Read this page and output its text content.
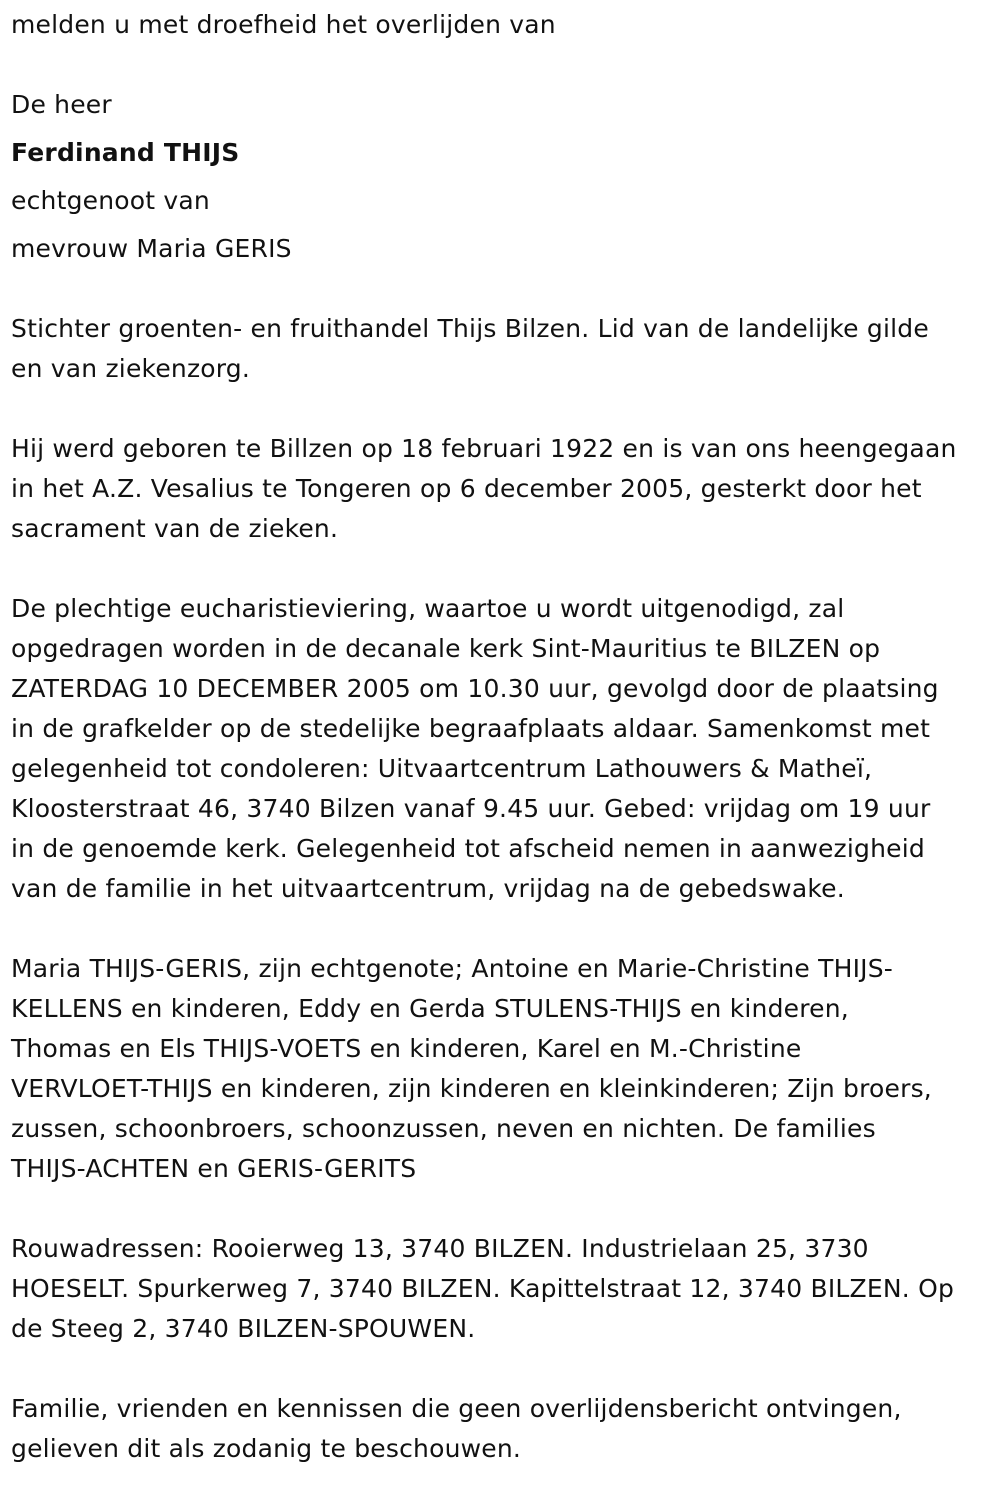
melden u met droefheid het overlijden van
De heer
Ferdinand THIJS
echtgenoot van
mevrouw Maria GERIS
Stichter groenten- en fruithandel Thijs Bilzen. Lid van de landelijke gilde
en van ziekenzorg.
Hij werd geboren te Billzen op 18 februari 1922 en is van ons heengegaan
in het A.Z. Vesalius te Tongeren op 6 december 2005, gesterkt door het
sacrament van de zieken.
De plechtige eucharistieviering, waartoe u wordt uitgenodigd, zal
opgedragen worden in de decanale kerk Sint-Mauritius te BILZEN op
ZATERDAG 10 DECEMBER 2005 om 10.30 uur, gevolgd door de plaatsing
in de grafkelder op de stedelijke begraafplaats aldaar. Samenkomst met
gelegenheid tot condoleren: Uitvaartcentrum Lathouwers & Matheï,
Kloosterstraat 46, 3740 Bilzen vanaf 9.45 uur. Gebed: vrijdag om 19 uur
in de genoemde kerk. Gelegenheid tot afscheid nemen in aanwezigheid
van de familie in het uitvaartcentrum, vrijdag na de gebedswake.
Maria THIJS-GERIS, zijn echtgenote; Antoine en Marie-Christine THIJS-
KELLENS en kinderen, Eddy en Gerda STULENS-THIJS en kinderen,
Thomas en Els THIJS-VOETS en kinderen, Karel en M.-Christine
VERVLOET-THIJS en kinderen, zijn kinderen en kleinkinderen; Zijn broers,
zussen, schoonbroers, schoonzussen, neven en nichten. De families
THIJS-ACHTEN en GERIS-GERITS
Rouwadressen: Rooierweg 13, 3740 BILZEN. Industrielaan 25, 3730
HOESELT. Spurkerweg 7, 3740 BILZEN. Kapittelstraat 12, 3740 BILZEN. Op
de Steeg 2, 3740 BILZEN-SPOUWEN.
Familie, vrienden en kennissen die geen overlijdensbericht ontvingen,
gelieven dit als zodanig te beschouwen.
